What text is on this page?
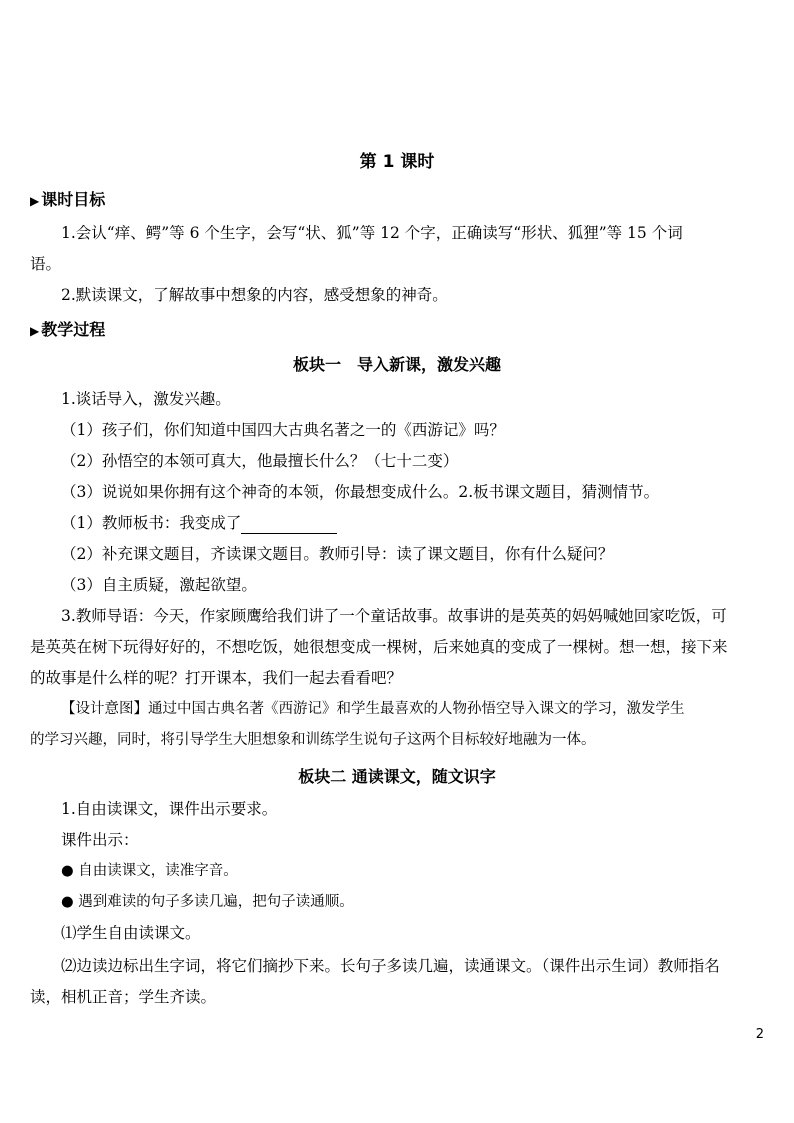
第 1 课时
▶ 课时目标
1.会认“痒、鳄”等 6 个生字，会写“状、狐”等 12 个字，正确读写“形状、狐狸”等 15 个词
语。
2.默读课文，了解故事中想象的内容，感受想象的神奇。
▶ 教学过程
板块一　导入新课，激发兴趣
1.谈话导入，激发兴趣。
（1）孩子们，你们知道中国四大古典名著之一的《西游记》吗？
（2）孙悟空的本领可真大，他最擅长什么？（七十二变）
（3）说说如果你拥有这个神奇的本领，你最想变成什么。2.板书课文题目，猜测情节。
（1）教师板书：我变成了
（2）补充课文题目，齐读课文题目。教师引导：读了课文题目，你有什么疑问？
（3）自主质疑，激起欲望。
3.教师导语：今天，作家顾鹰给我们讲了一个童话故事。故事讲的是英英的妈妈喊她回家吃饭，可
是英英在树下玩得好好的，不想吃饭，她很想变成一棵树，后来她真的变成了一棵树。想一想，接下来
的故事是什么样的呢？打开课本，我们一起去看看吧？
【设计意图】通过中国古典名著《西游记》和学生最喜欢的人物孙悟空导入课文的学习，激发学生
的学习兴趣，同时，将引导学生大胆想象和训练学生说句子这两个目标较好地融为一体。
板块二 通读课文，随文识字
1.自由读课文，课件出示要求。
课件出示：
● 自由读课文，读准字音。
● 遇到难读的句子多读几遍，把句子读通顺。
⑴学生自由读课文。
⑵边读边标出生字词，将它们摘抄下来。长句子多读几遍，读通课文。（课件出示生词）教师指名
读，相机正音；学生齐读。
2
